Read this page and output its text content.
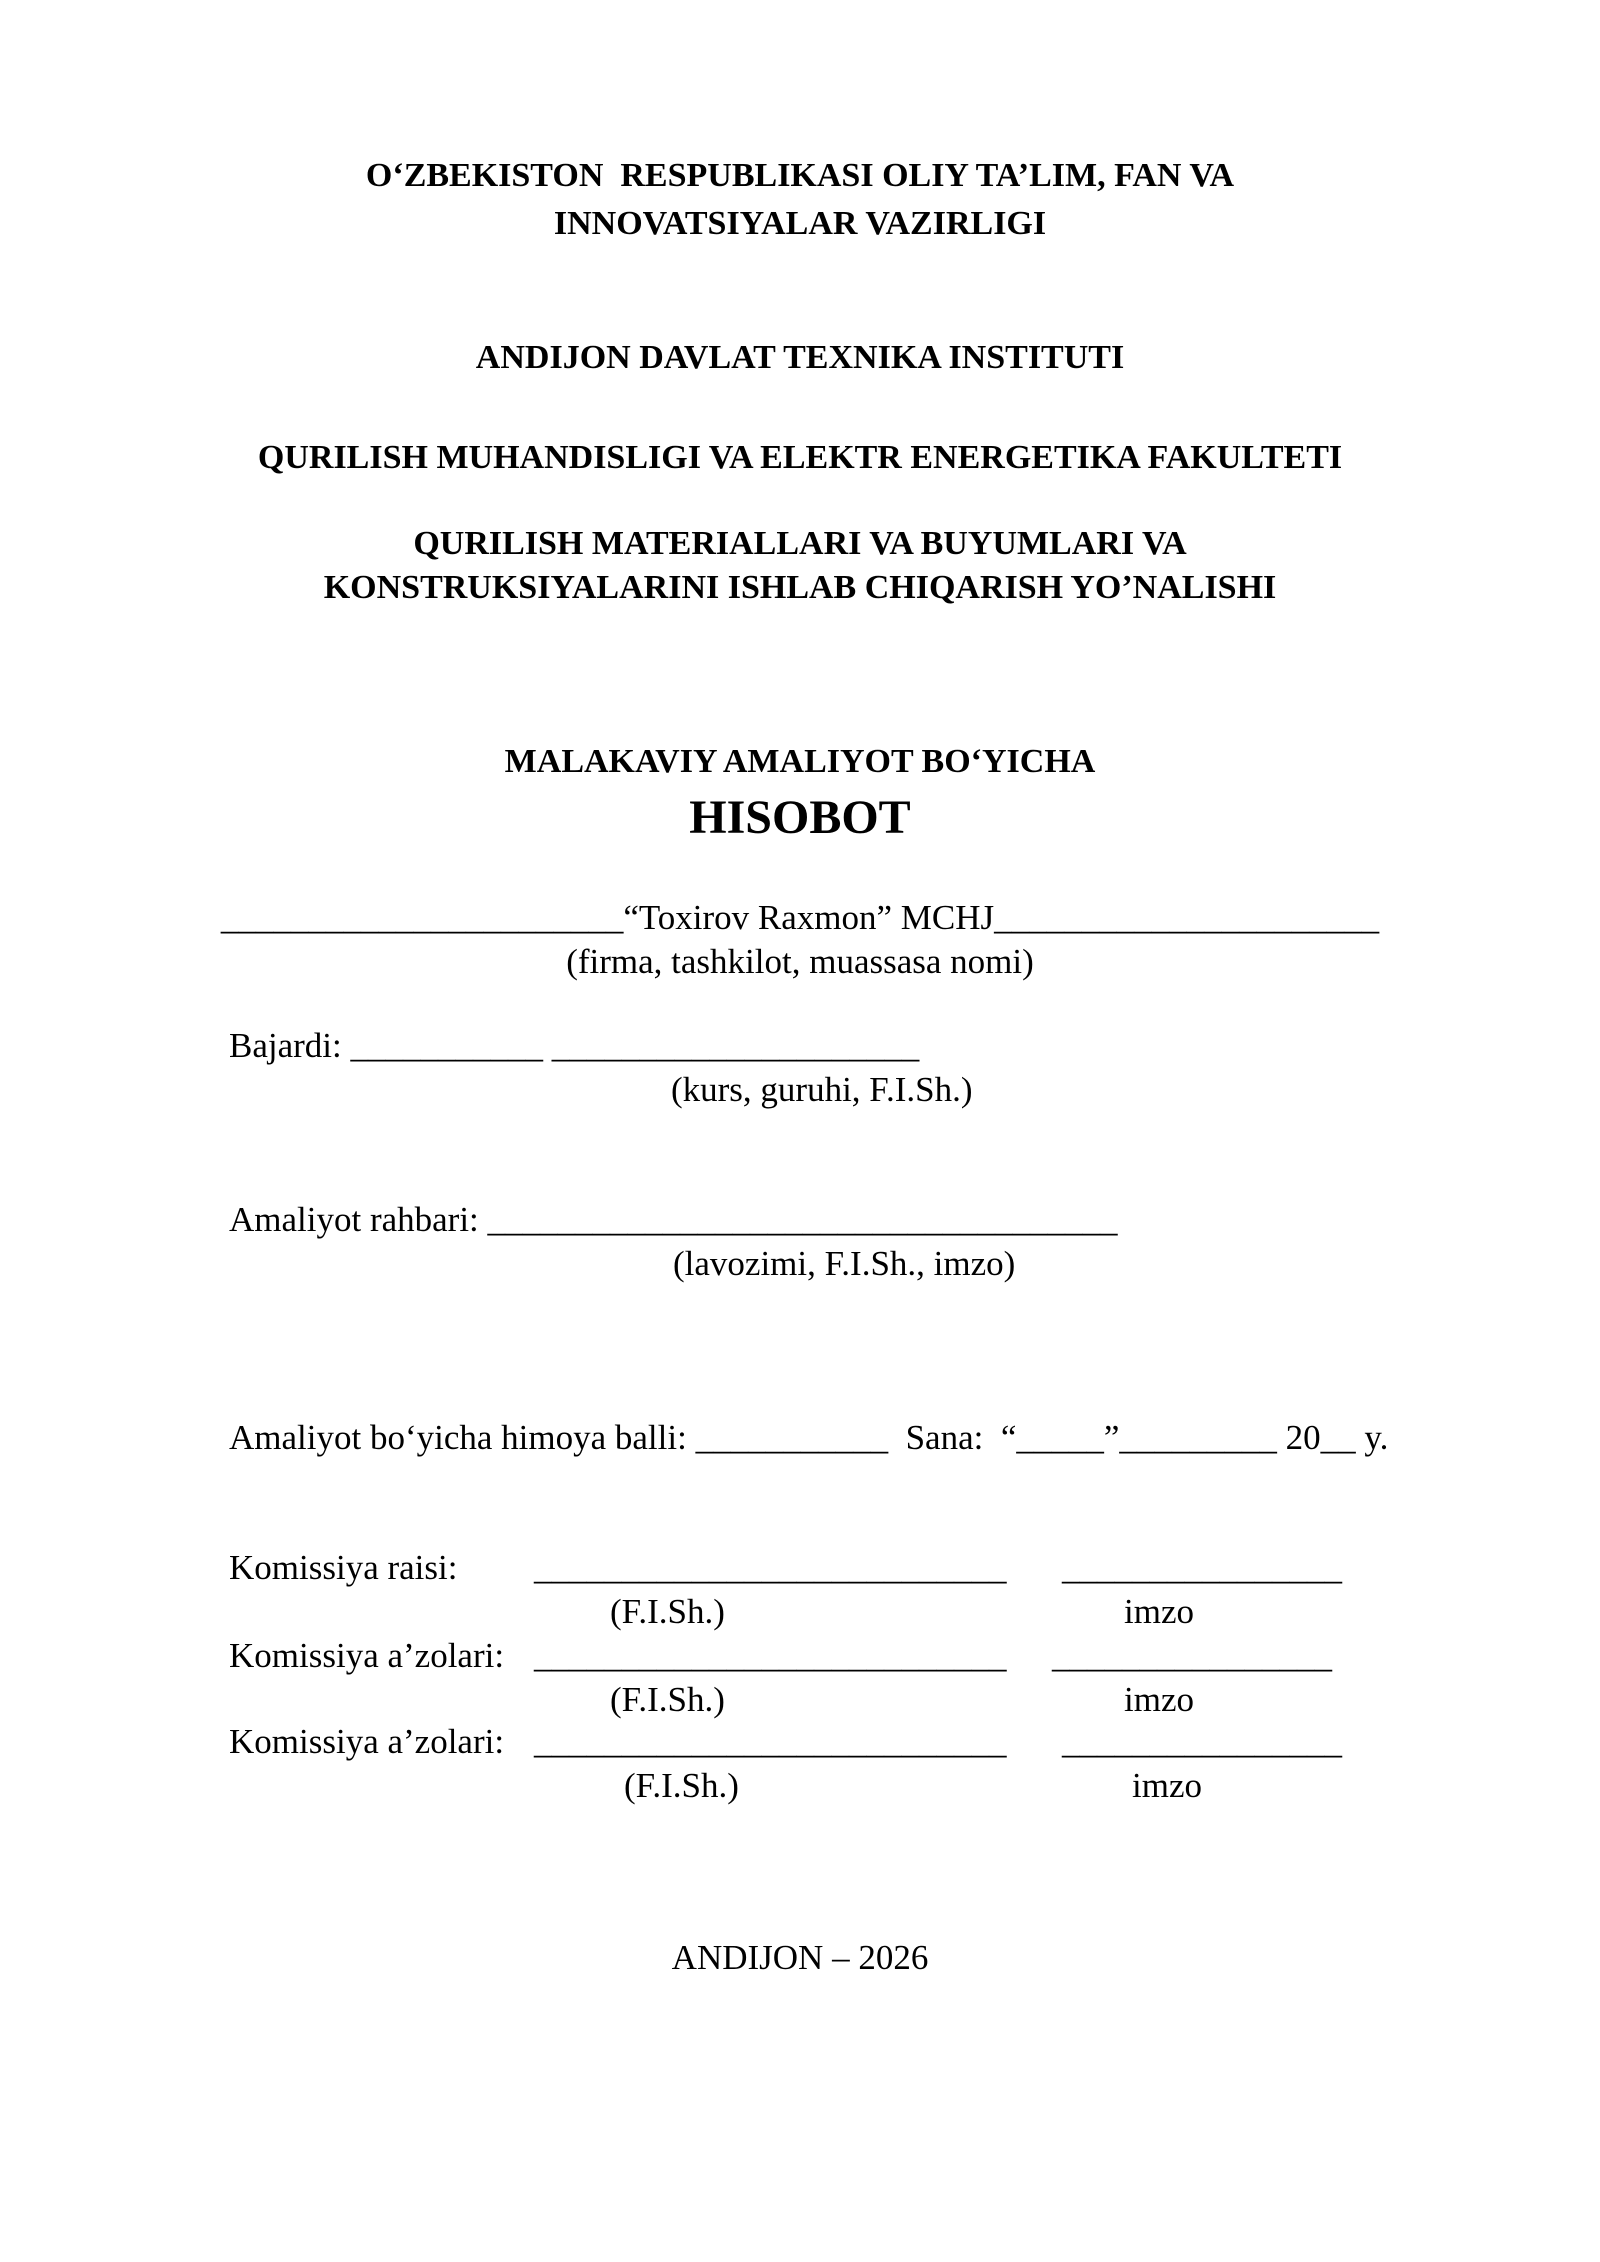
O‘ZBEKISTON  RESPUBLIKASI OLIY TA’LIM, FAN VA
INNOVATSIYALAR VAZIRLIGI
ANDIJON DAVLAT TEXNIKA INSTITUTI
QURILISH MUHANDISLIGI VA ELEKTR ENERGETIKA FAKULTETI
QURILISH MATERIALLARI VA BUYUMLARI VA
KONSTRUKSIYALARINI ISHLAB CHIQARISH YO’NALISHI
MALAKAVIY AMALIYOT BO‘YICHA
HISOBOT
_______________________“Toxirov Raxmon” MCHJ______________________
(firma, tashkilot, muassasa nomi)
Bajardi: ___________ _____________________
(kurs, guruhi, F.I.Sh.)
Amaliyot rahbari: ____________________________________
(lavozimi, F.I.Sh., imzo)
Amaliyot bo‘yicha himoya balli: ___________  Sana:  “_____”_________ 20__ y.
Komissiya raisi: ___________________________ ________________
(F.I.Sh.)	imzo
Komissiya a’zolari: ___________________________ ________________
(F.I.Sh.)	imzo
Komissiya a’zolari: ___________________________ ________________
(F.I.Sh.)	imzo
ANDIJON – 2026
